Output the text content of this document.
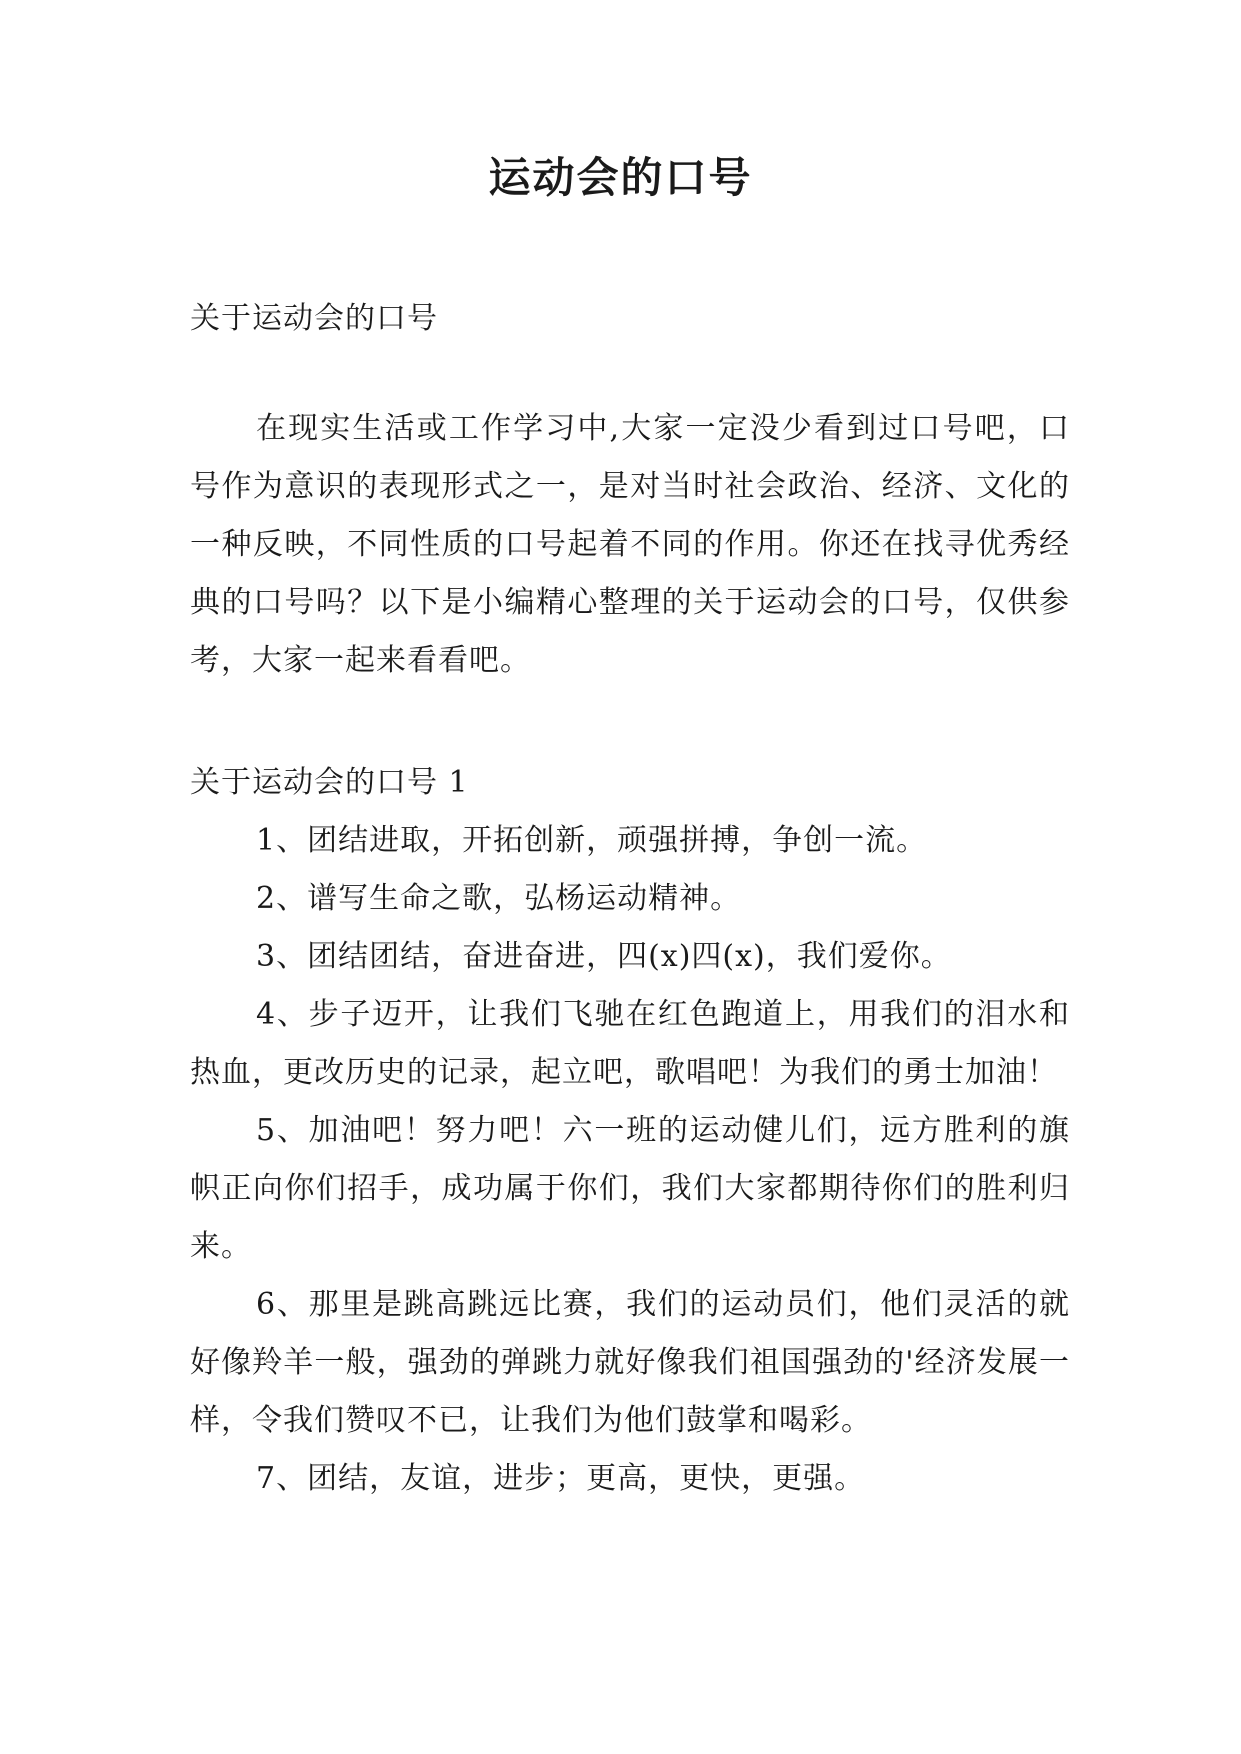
运动会的口号

关于运动会的口号

在现实生活或工作学习中,大家一定没少看到过口号吧，口号作为意识的表现形式之一，是对当时社会政治、经济、文化的一种反映，不同性质的口号起着不同的作用。你还在找寻优秀经典的口号吗？以下是小编精心整理的关于运动会的口号，仅供参考，大家一起来看看吧。

关于运动会的口号 1

1、团结进取，开拓创新，顽强拼搏，争创一流。
2、谱写生命之歌，弘杨运动精神。
3、团结团结，奋进奋进，四(x)四(x)，我们爱你。
4、步子迈开，让我们飞驰在红色跑道上，用我们的泪水和热血，更改历史的记录，起立吧，歌唱吧！为我们的勇士加油！
5、加油吧！努力吧！六一班的运动健儿们，远方胜利的旗帜正向你们招手，成功属于你们，我们大家都期待你们的胜利归来。
6、那里是跳高跳远比赛，我们的运动员们，他们灵活的就好像羚羊一般，强劲的弹跳力就好像我们祖国强劲的'经济发展一样，令我们赞叹不已，让我们为他们鼓掌和喝彩。
7、团结，友谊，进步；更高，更快，更强。
